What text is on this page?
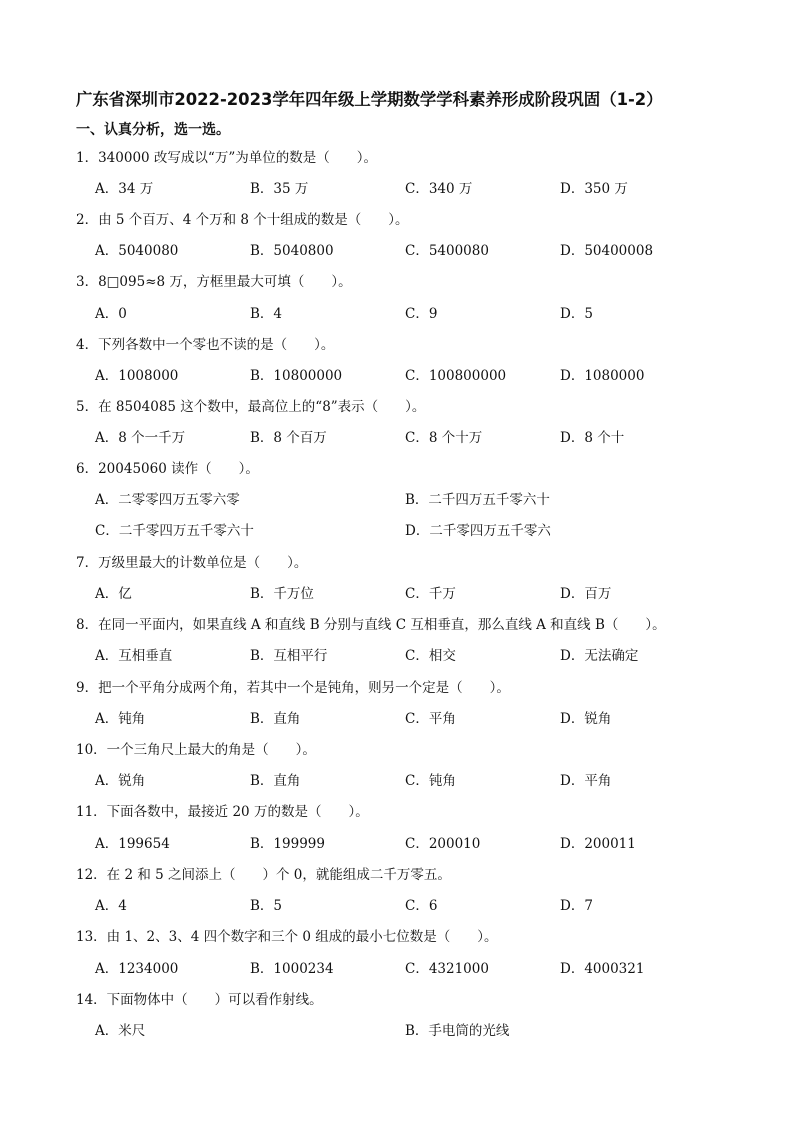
广东省深圳市2022-2023学年四年级上学期数学学科素养形成阶段巩固（1-2）
一、认真分析，选一选。
1．340000 改写成以“万”为单位的数是（　　）。
A．34 万	B．35 万	C．340 万	D．350 万
2．由 5 个百万、4 个万和 8 个十组成的数是（　　）。
A．5040080	B．5040800	C．5400080	D．50400008
3．8□095≈8 万，方框里最大可填（　　）。
A．0	B．4	C．9	D．5
4．下列各数中一个零也不读的是（　　）。
A．1008000	B．10800000	C．100800000	D．1080000
5．在 8504085 这个数中，最高位上的“8”表示（　　）。
A．8 个一千万	B．8 个百万	C．8 个十万	D．8 个十
6．20045060 读作（　　）。
A．二零零四万五零六零	B．二千四万五千零六十
C．二千零四万五千零六十	D．二千零四万五千零六
7．万级里最大的计数单位是（　　）。
A．亿	B．千万位	C．千万	D．百万
8．在同一平面内，如果直线 A 和直线 B 分别与直线 C 互相垂直，那么直线 A 和直线 B（　　）。
A．互相垂直	B．互相平行	C．相交	D．无法确定
9．把一个平角分成两个角，若其中一个是钝角，则另一个定是（　　）。
A．钝角	B．直角	C．平角	D．锐角
10．一个三角尺上最大的角是（　　）。
A．锐角	B．直角	C．钝角	D．平角
11．下面各数中，最接近 20 万的数是（　　）。
A．199654	B．199999	C．200010	D．200011
12．在 2 和 5 之间添上（　　）个 0，就能组成二千万零五。
A．4	B．5	C．6	D．7
13．由 1、2、3、4 四个数字和三个 0 组成的最小七位数是（　　）。
A．1234000	B．1000234	C．4321000	D．4000321
14．下面物体中（　　）可以看作射线。
A．米尺	B．手电筒的光线
